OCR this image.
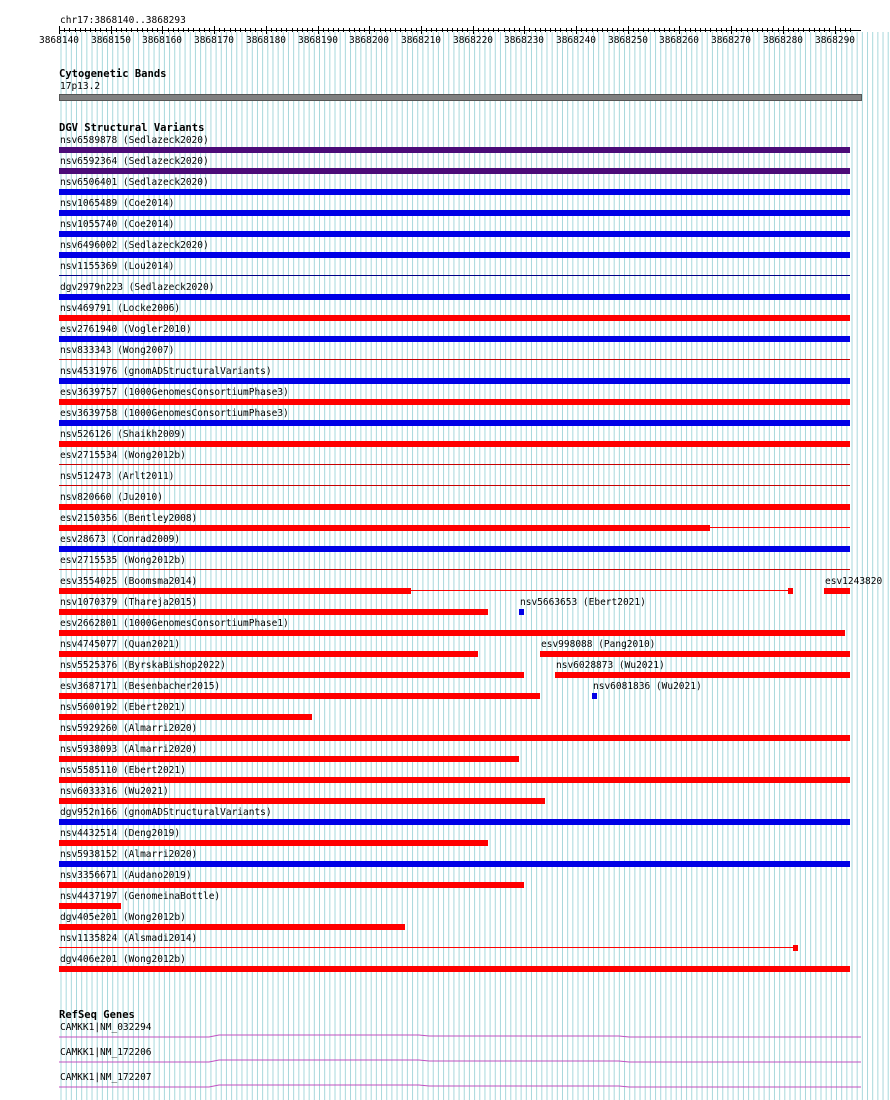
chr17:3868140..3868293
3868140 3868150 3868160 3868170 3868180 3868190 3868200 3868210 3868220 3868230 3868240 3868250 3868260 3868270 3868280 3868290
Cytogenetic Bands
17p13.2
DGV Structural Variants
nsv6589878 (Sedlazeck2020)
nsv6592364 (Sedlazeck2020)
nsv6506401 (Sedlazeck2020)
nsv1065489 (Coe2014)
nsv1055740 (Coe2014)
nsv6496002 (Sedlazeck2020)
nsv1155369 (Lou2014)
dgv2979n223 (Sedlazeck2020)
nsv469791 (Locke2006)
esv2761940 (Vogler2010)
nsv833343 (Wong2007)
nsv4531976 (gnomADStructuralVariants)
esv3639757 (1000GenomesConsortiumPhase3)
esv3639758 (1000GenomesConsortiumPhase3)
nsv526126 (Shaikh2009)
esv2715534 (Wong2012b)
nsv512473 (Arlt2011)
nsv820660 (Ju2010)
esv2150356 (Bentley2008)
esv28673 (Conrad2009)
esv2715535 (Wong2012b)
esv3554025 (Boomsma2014)	esv1243820
nsv1070379 (Thareja2015)	nsv5663653 (Ebert2021)
esv2662801 (1000GenomesConsortiumPhase1)
nsv4745077 (Quan2021)	esv998088 (Pang2010)
nsv5525376 (ByrskaBishop2022)	nsv6028873 (Wu2021)
esv3687171 (Besenbacher2015)	nsv6081836 (Wu2021)
nsv5600192 (Ebert2021)
nsv5929260 (Almarri2020)
nsv5938093 (Almarri2020)
nsv5585110 (Ebert2021)
nsv6033316 (Wu2021)
dgv952n166 (gnomADStructuralVariants)
nsv4432514 (Deng2019)
nsv5938152 (Almarri2020)
nsv3356671 (Audano2019)
nsv4437197 (GenomeinaBottle)
dgv405e201 (Wong2012b)
nsv1135824 (Alsmadi2014)
dgv406e201 (Wong2012b)
RefSeq Genes
CAMKK1|NM_032294
CAMKK1|NM_172206
CAMKK1|NM_172207
